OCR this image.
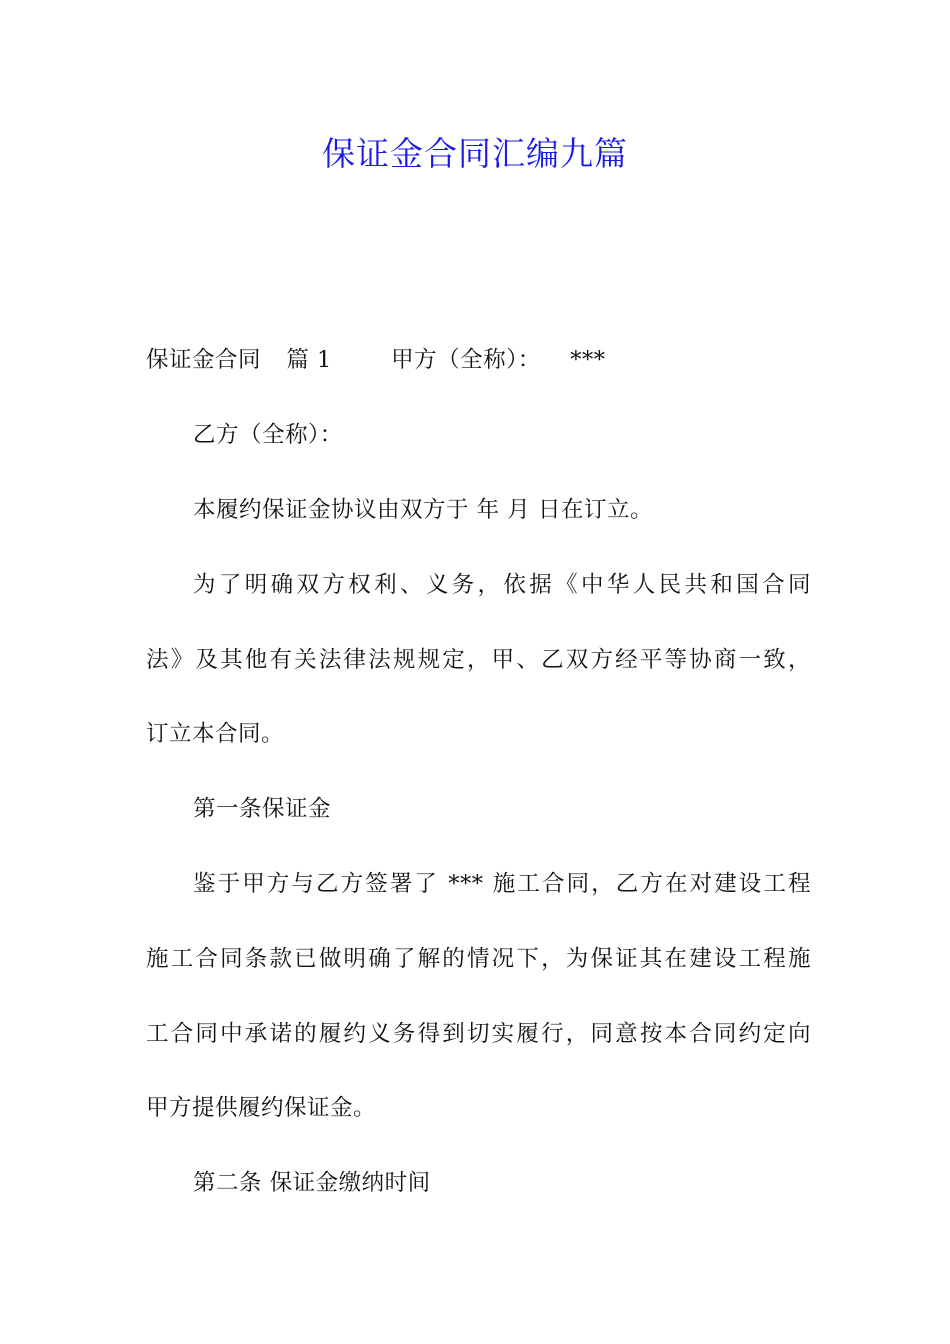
保证金合同汇编九篇
保证金合同 篇 1	甲方（全称）： ***
乙方（全称）：
本履约保证金协议由双方于 年 月 日在订立。
为了明确双方权利、义务，依据《中华人民共和国合同
法》及其他有关法律法规规定，甲、乙双方经平等协商一致，
订立本合同。
第一条保证金
鉴于甲方与乙方签署了 *** 施工合同，乙方在对建设工程
施工合同条款已做明确了解的情况下，为保证其在建设工程施
工合同中承诺的履约义务得到切实履行，同意按本合同约定向
甲方提供履约保证金。
第二条 保证金缴纳时间
